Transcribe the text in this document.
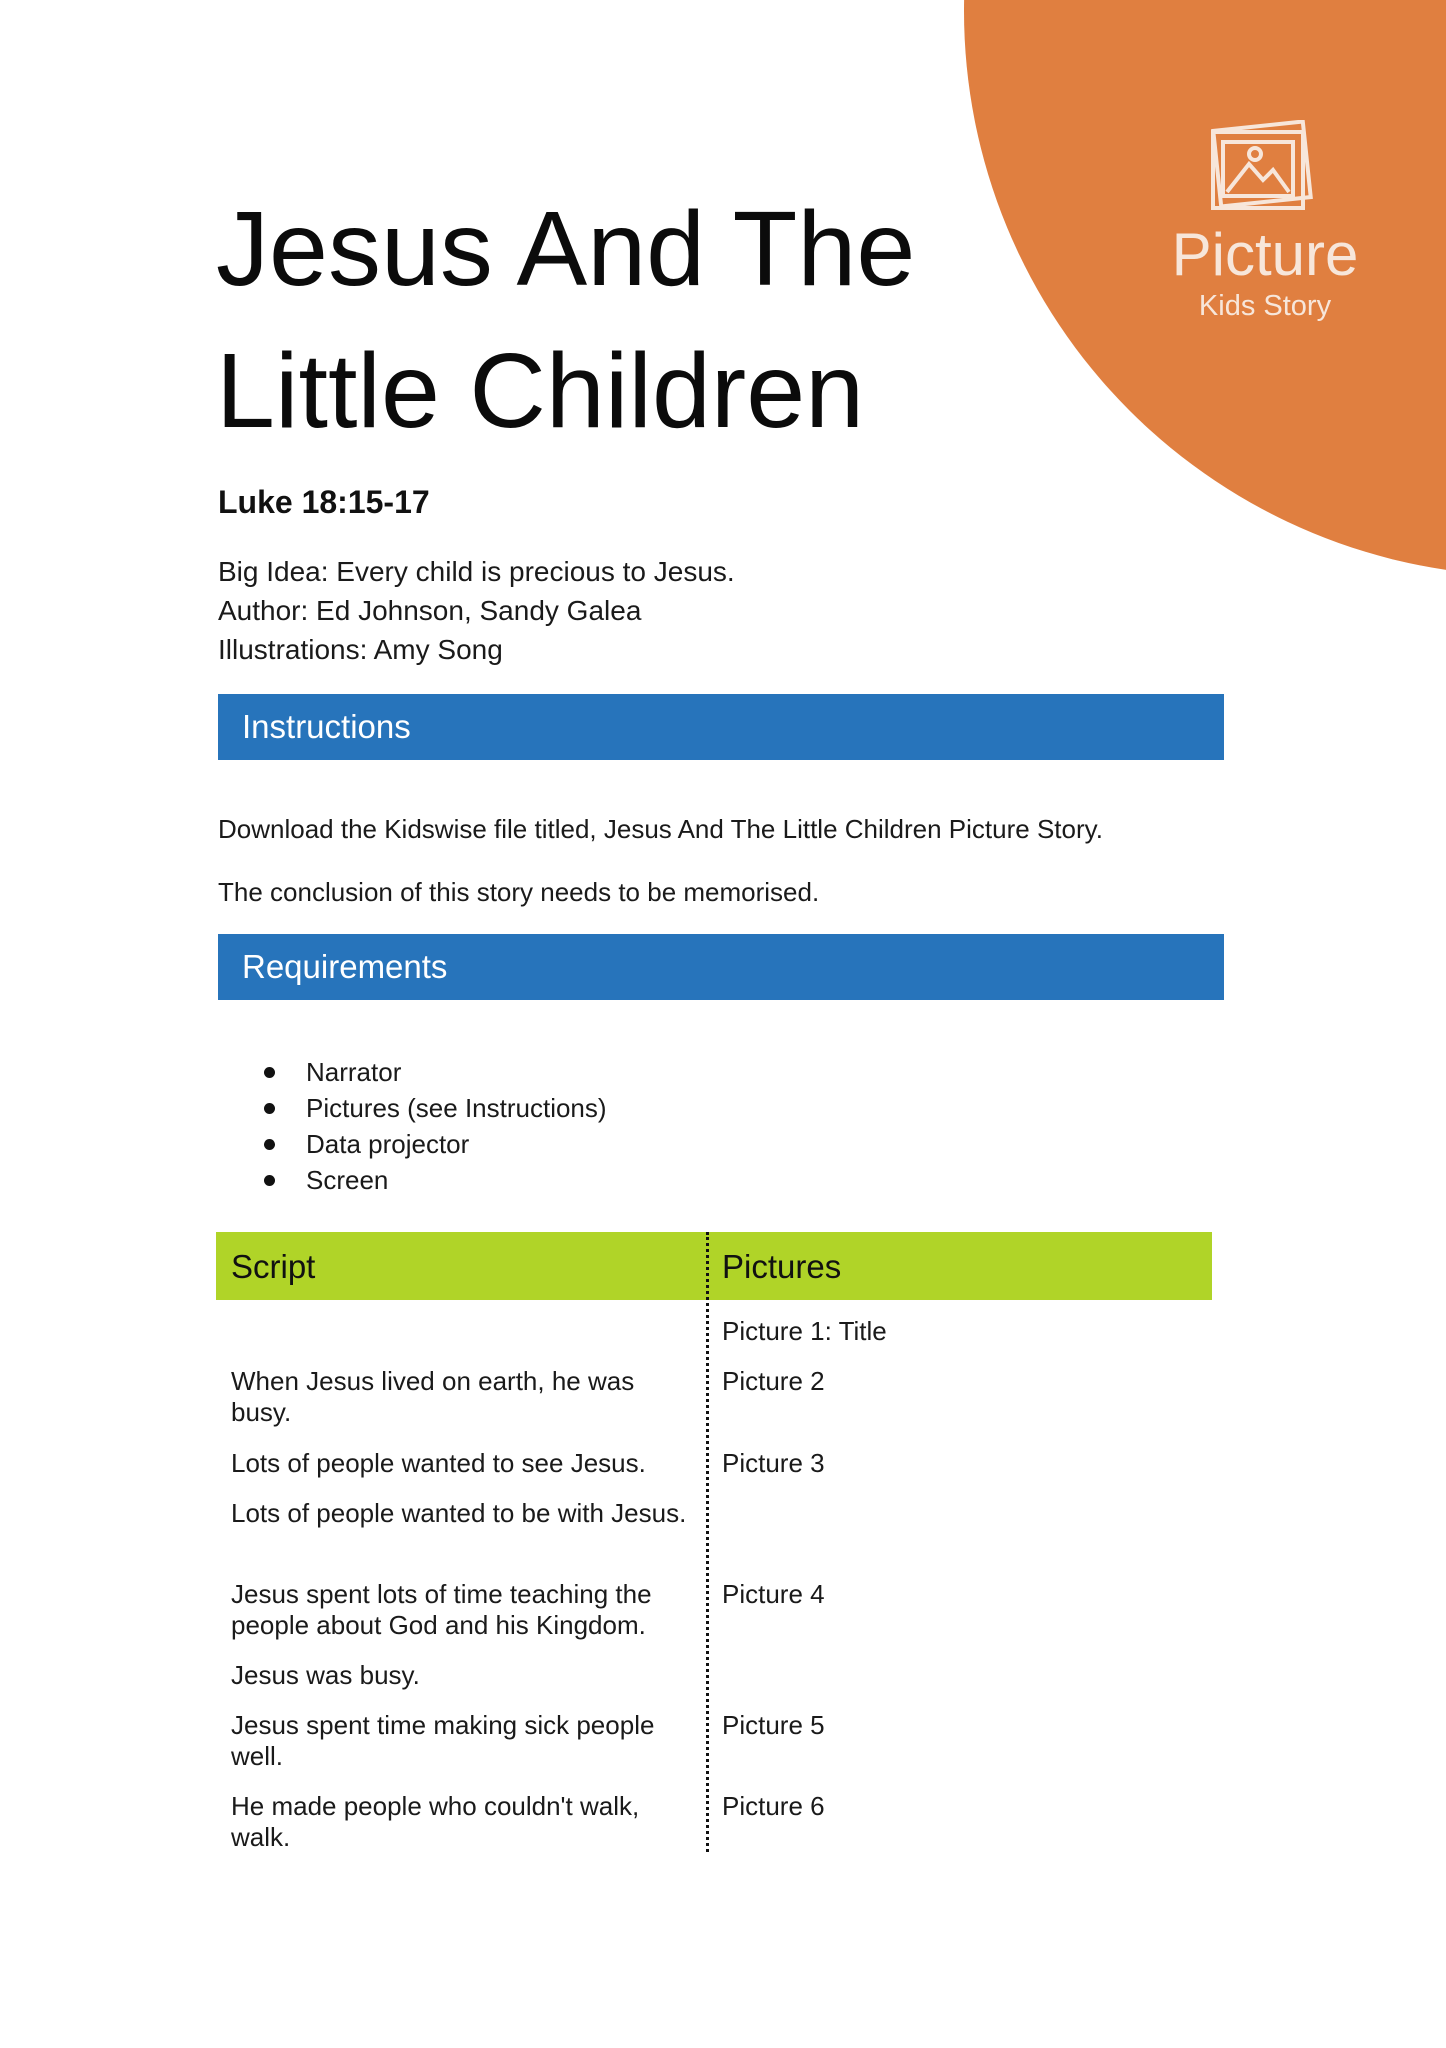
Picture
Kids Story
Jesus And The
Little Children
Luke 18:15-17
Big Idea: Every child is precious to Jesus.
Author: Ed Johnson, Sandy Galea
Illustrations: Amy Song
Instructions
Download the Kidswise file titled, Jesus And The Little Children Picture Story.
The conclusion of this story needs to be memorised.
Requirements
Narrator
Pictures (see Instructions)
Data projector
Screen
Script	Pictures
Picture 1: Title
When Jesus lived on earth, he was busy.
Picture 2
Lots of people wanted to see Jesus.	Picture 3
Lots of people wanted to be with Jesus.
Jesus spent lots of time teaching the people about God and his Kingdom.
Picture 4
Jesus was busy.
Jesus spent time making sick people well.
Picture 5
He made people who couldn't walk, walk.
Picture 6
